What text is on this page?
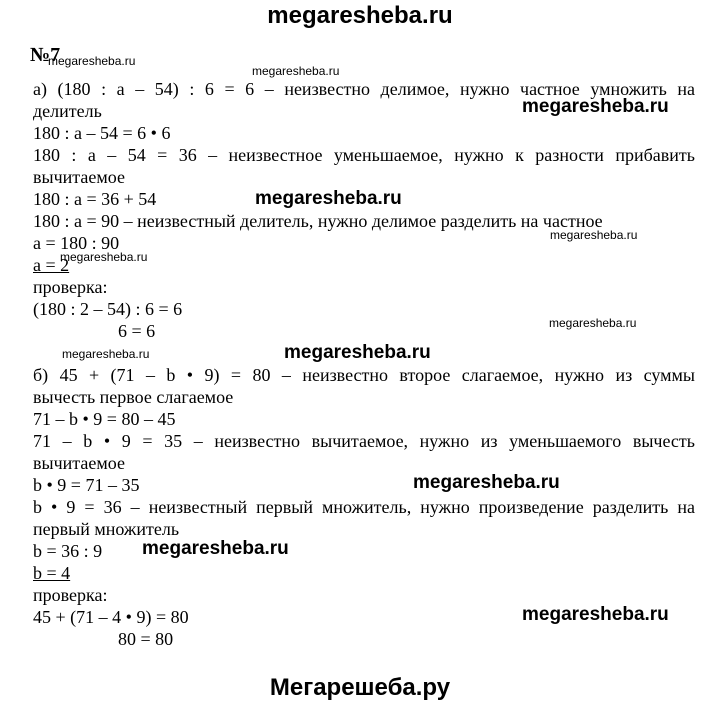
megaresheba.ru
№7
а) (180 : а – 54) : 6 = 6 – неизвестно делимое, нужно частное умножить на
делитель
180 : а – 54 = 6 • 6
180 : а – 54 = 36 – неизвестное уменьшаемое, нужно к разности прибавить
вычитаемое
180 : а = 36 + 54
180 : а = 90 – неизвестный делитель, нужно делимое разделить на частное
а = 180 : 90
а = 2
проверка:
(180 : 2 – 54) : 6 = 6
6 = 6
б) 45 + (71 – b • 9) = 80 – неизвестно второе слагаемое, нужно из суммы
вычесть первое слагаемое
71 – b • 9 = 80 – 45
71 – b • 9 = 35 – неизвестно вычитаемое, нужно из уменьшаемого вычесть
вычитаемое
b • 9 = 71 – 35
b • 9 = 36 – неизвестный первый множитель, нужно произведение разделить на
первый множитель
b = 36 : 9
b = 4
проверка:
45 + (71 – 4 • 9) = 80
80 = 80
megaresheba.ru
megaresheba.ru
megaresheba.ru
megaresheba.ru
megaresheba.ru
megaresheba.ru
megaresheba.ru
megaresheba.ru	megaresheba.ru
megaresheba.ru
megaresheba.ru
megaresheba.ru
Мегарешеба.ру
